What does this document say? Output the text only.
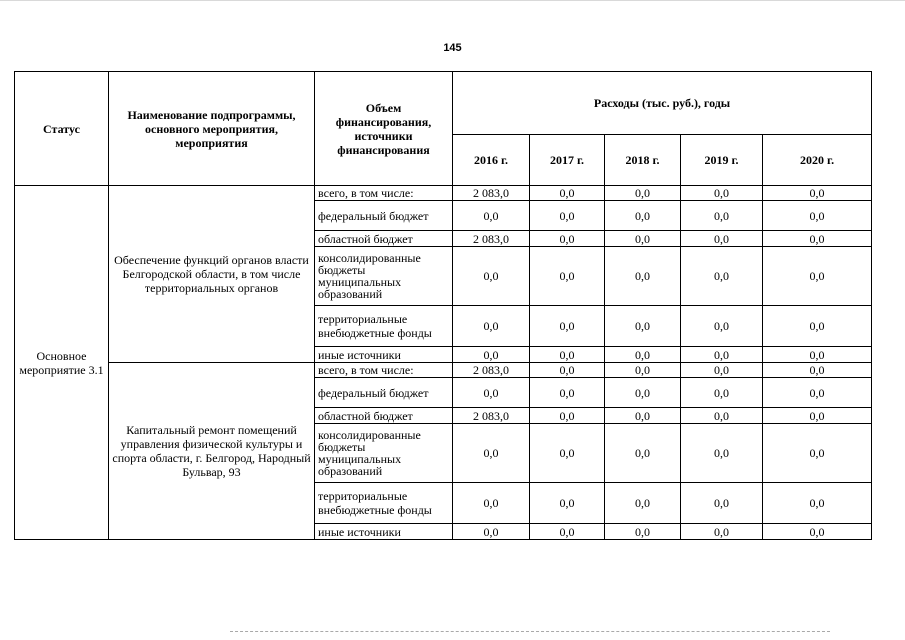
145
Статус	Наименование подпрограммы, основного мероприятия, мероприятия	Объем финансирования, источники финансирования	Расходы (тыс. руб.), годы				
			2016 г.	2017 г.	2018 г.	2019 г.	2020 г.
Основное мероприятие 3.1	Обеспечение функций органов власти Белгородской области, в том числе территориальных органов	всего, в том числе:	2 083,0	0,0	0,0	0,0	0,0
		федеральный бюджет	0,0	0,0	0,0	0,0	0,0
		областной бюджет	2 083,0	0,0	0,0	0,0	0,0
		консолидированные бюджеты муниципальных образований	0,0	0,0	0,0	0,0	0,0
		территориальные внебюджетные фонды	0,0	0,0	0,0	0,0	0,0
		иные источники	0,0	0,0	0,0	0,0	0,0
	Капитальный ремонт помещений управления физической культуры и спорта области, г. Белгород, Народный Бульвар, 93	всего, в том числе:	2 083,0	0,0	0,0	0,0	0,0
		федеральный бюджет	0,0	0,0	0,0	0,0	0,0
		областной бюджет	2 083,0	0,0	0,0	0,0	0,0
		консолидированные бюджеты муниципальных образований	0,0	0,0	0,0	0,0	0,0
		территориальные внебюджетные фонды	0,0	0,0	0,0	0,0	0,0
		иные источники	0,0	0,0	0,0	0,0	0,0
